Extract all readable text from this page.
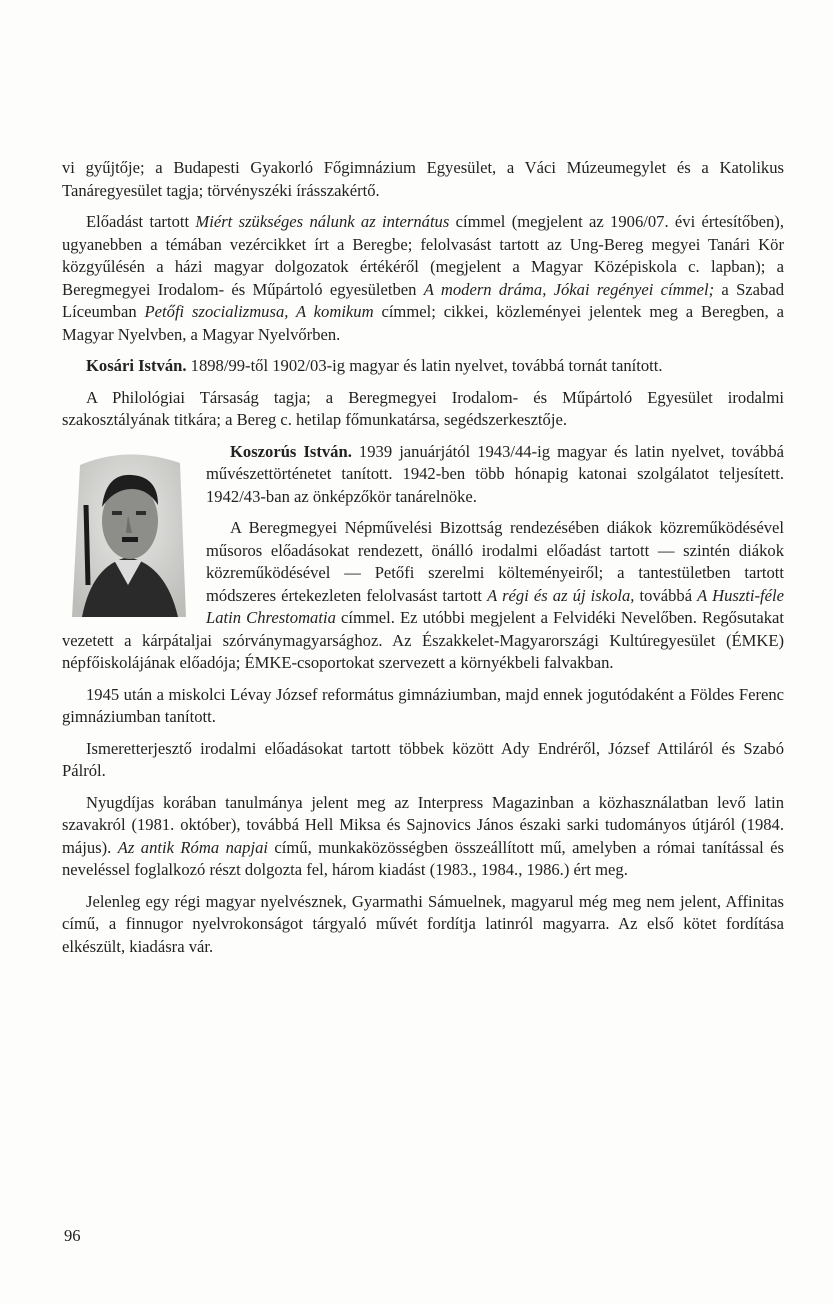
vi gyűjtője; a Budapesti Gyakorló Főgimnázium Egyesület, a Váci Múzeumegylet és a Katolikus Tanáregyesület tagja; törvényszéki írásszakértő.

Előadást tartott Miért szükséges nálunk az internátus címmel (megjelent az 1906/07. évi értesítőben), ugyanebben a témában vezércikket írt a Beregbe; felolvasást tartott az Ung-Bereg megyei Tanári Kör közgyűlésén a házi magyar dolgozatok értékéről (megjelent a Magyar Középiskola c. lapban); a Beregmegyei Irodalom- és Műpártoló egyesületben A modern dráma, Jókai regényei címmel; a Szabad Líceumban Petőfi szocializmusa, A komikum címmel; cikkei, közleményei jelentek meg a Beregben, a Magyar Nyelvben, a Magyar Nyelvőrben.

Kosári István. 1898/99-től 1902/03-ig magyar és latin nyelvet, továbbá tornát tanított.

A Philológiai Társaság tagja; a Beregmegyei Irodalom- és Műpártoló Egyesület irodalmi szakosztályának titkára; a Bereg c. hetilap főmunkatársa, segédszerkesztője.

Koszorús István. 1939 januárjától 1943/44-ig magyar és latin nyelvet, továbbá művészettörténetet tanított. 1942-ben több hónapig katonai szolgálatot teljesített. 1942/43-ban az önképzőkör tanárelnöke.

A Beregmegyei Népművelési Bizottság rendezésében diákok közreműködésével műsoros előadásokat rendezett, önálló irodalmi előadást tartott — szintén diákok közreműködésével — Petőfi szerelmi költeményeiről; a tantestületben tartott módszeres értekezleten felolvasást tartott A régi és az új iskola, továbbá A Huszti-féle Latin Chrestomatia címmel. Ez utóbbi megjelent a Felvidéki Nevelőben. Regősutakat vezetett a kárpátaljai szórványmagyarsághoz. Az Északkelet-Magyarországi Kultúregyesület (ÉMKE) népfőiskolájának előadója; ÉMKE-csoportokat szervezett a környékbeli falvakban.

1945 után a miskolci Lévay József református gimnáziumban, majd ennek jogutódaként a Földes Ferenc gimnáziumban tanított.

Ismeretterjesztő irodalmi előadásokat tartott többek között Ady Endréről, József Attiláról és Szabó Pálról.

Nyugdíjas korában tanulmánya jelent meg az Interpress Magazinban a közhasználatban levő latin szavakról (1981. október), továbbá Hell Miksa és Sajnovics János északi sarki tudományos útjáról (1984. május). Az antik Róma napjai című, munkaközösségben összeállított mű, amelyben a római tanítással és neveléssel foglalkozó részt dolgozta fel, három kiadást (1983., 1984., 1986.) ért meg.

Jelenleg egy régi magyar nyelvésznek, Gyarmathi Sámuelnek, magyarul még meg nem jelent, Affinitas című, a finnugor nyelvrokonságot tárgyaló művét fordítja latinról magyarra. Az első kötet fordítása elkészült, kiadásra vár.

96
